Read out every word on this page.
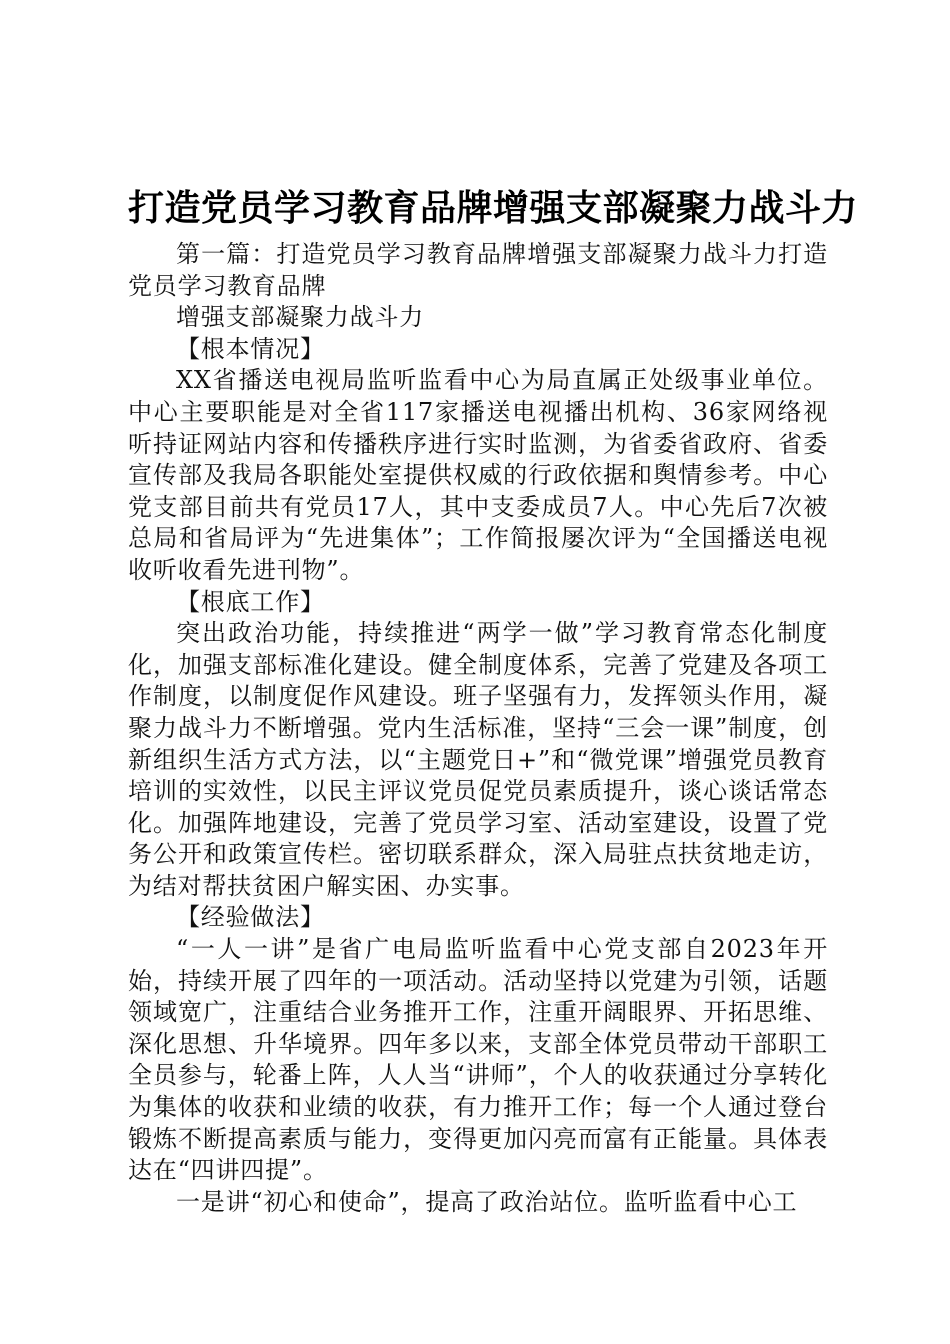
打造党员学习教育品牌增强支部凝聚力战斗力

第一篇：打造党员学习教育品牌增强支部凝聚力战斗力打造党员学习教育品牌

增强支部凝聚力战斗力

【根本情况】

XX省播送电视局监听监看中心为局直属正处级事业单位。中心主要职能是对全省117家播送电视播出机构、36家网络视听持证网站内容和传播秩序进行实时监测，为省委省政府、省委宣传部及我局各职能处室提供权威的行政依据和舆情参考。中心党支部目前共有党员17人，其中支委成员7人。中心先后7次被总局和省局评为“先进集体”；工作简报屡次评为“全国播送电视收听收看先进刊物”。

【根底工作】

突出政治功能，持续推进“两学一做”学习教育常态化制度化，加强支部标准化建设。健全制度体系，完善了党建及各项工作制度，以制度促作风建设。班子坚强有力，发挥领头作用，凝聚力战斗力不断增强。党内生活标准，坚持“三会一课”制度，创新组织生活方式方法，以“主题党日+”和“微党课”增强党员教育培训的实效性，以民主评议党员促党员素质提升，谈心谈话常态化。加强阵地建设，完善了党员学习室、活动室建设，设置了党务公开和政策宣传栏。密切联系群众，深入局驻点扶贫地走访，为结对帮扶贫困户解实困、办实事。

【经验做法】

“一人一讲”是省广电局监听监看中心党支部自2023年开始，持续开展了四年的一项活动。活动坚持以党建为引领，话题领域宽广，注重结合业务推开工作，注重开阔眼界、开拓思维、深化思想、升华境界。四年多以来，支部全体党员带动干部职工全员参与，轮番上阵，人人当“讲师”，个人的收获通过分享转化为集体的收获和业绩的收获，有力推开工作；每一个人通过登台锻炼不断提高素质与能力，变得更加闪亮而富有正能量。具体表达在“四讲四提”。

一是讲“初心和使命”，提高了政治站位。监听监看中心工
